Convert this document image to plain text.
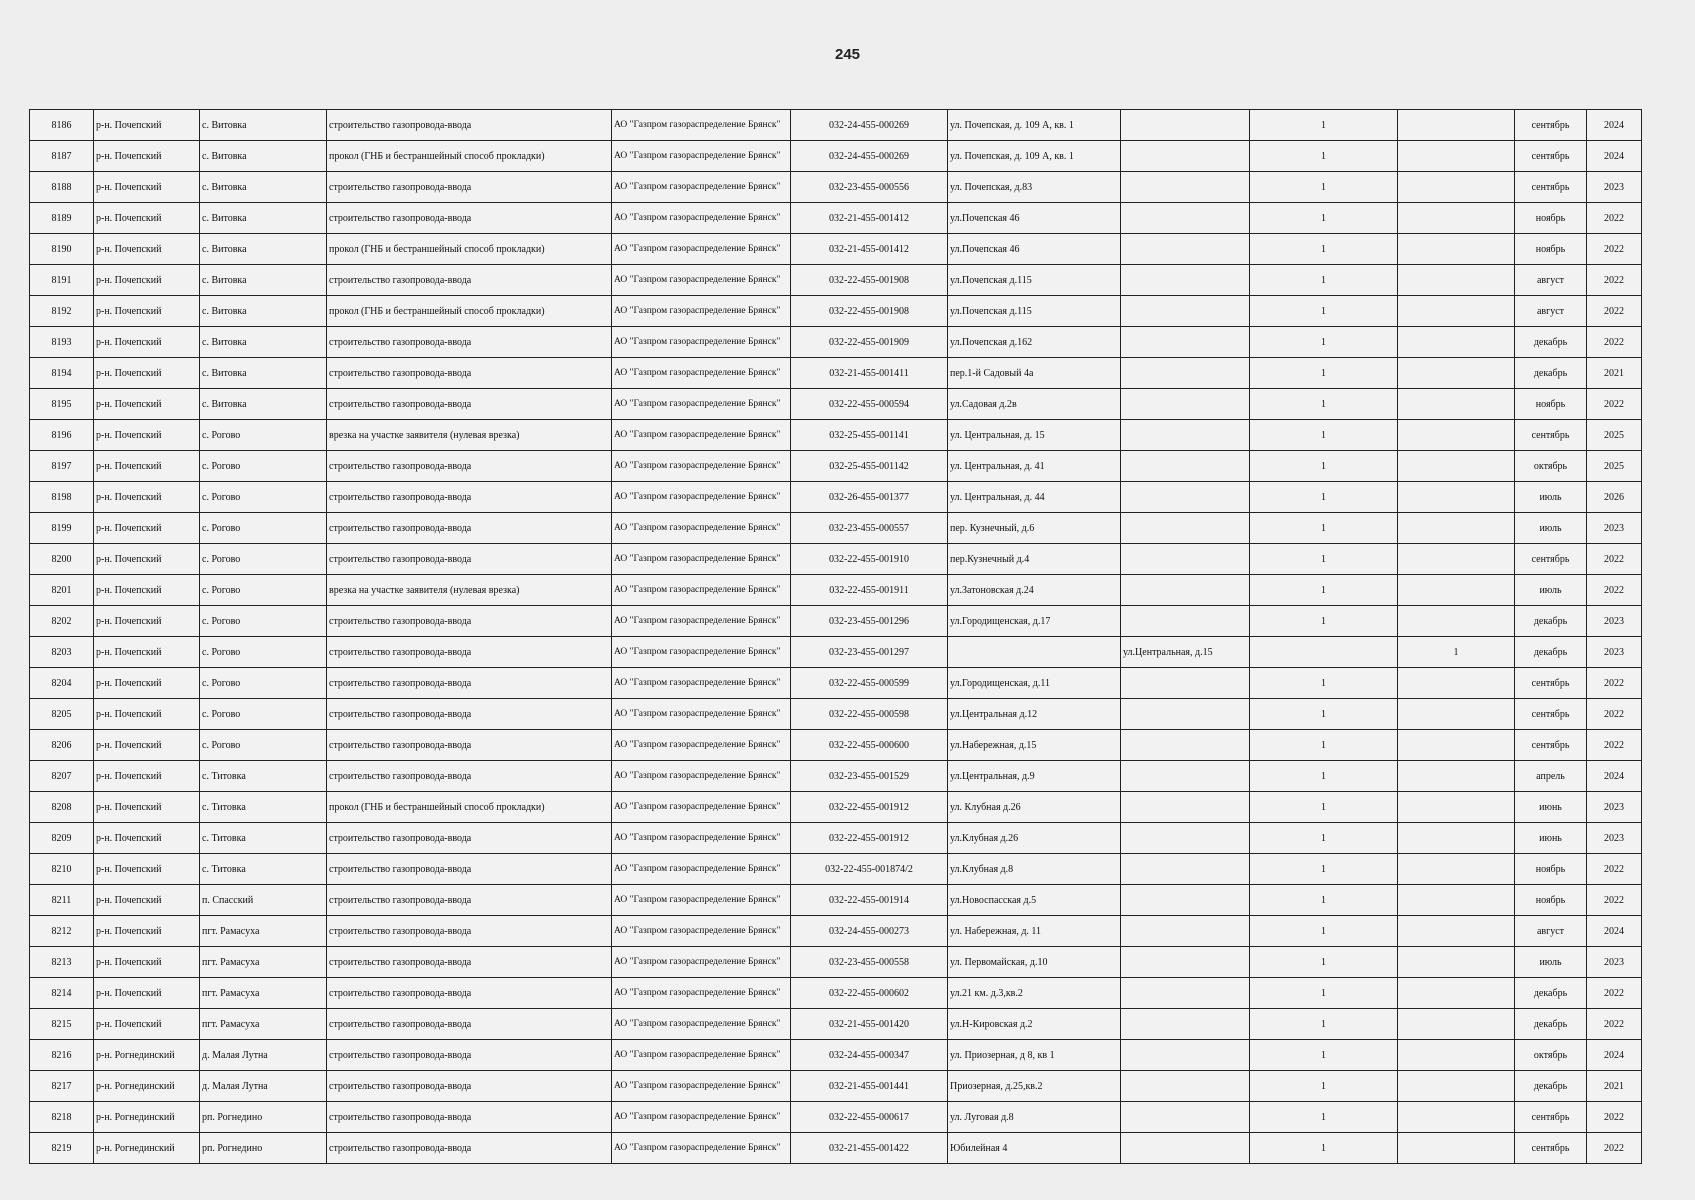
245
8186	р-н. Почепский	с. Витовка	строительство газопровода-ввода	АО "Газпром газораспределение Брянск"	032-24-455-000269	ул. Почепская, д. 109 А, кв. 1		1		сентябрь	2024
8187	р-н. Почепский	с. Витовка	прокол (ГНБ и бестраншейный способ прокладки)	АО "Газпром газораспределение Брянск"	032-24-455-000269	ул. Почепская, д. 109 А, кв. 1		1		сентябрь	2024
8188	р-н. Почепский	с. Витовка	строительство газопровода-ввода	АО "Газпром газораспределение Брянск"	032-23-455-000556	ул. Почепская, д.83		1		сентябрь	2023
8189	р-н. Почепский	с. Витовка	строительство газопровода-ввода	АО "Газпром газораспределение Брянск"	032-21-455-001412	ул.Почепская 46		1		ноябрь	2022
8190	р-н. Почепский	с. Витовка	прокол (ГНБ и бестраншейный способ прокладки)	АО "Газпром газораспределение Брянск"	032-21-455-001412	ул.Почепская 46		1		ноябрь	2022
8191	р-н. Почепский	с. Витовка	строительство газопровода-ввода	АО "Газпром газораспределение Брянск"	032-22-455-001908	ул.Почепская д.115		1		август	2022
8192	р-н. Почепский	с. Витовка	прокол (ГНБ и бестраншейный способ прокладки)	АО "Газпром газораспределение Брянск"	032-22-455-001908	ул.Почепская д.115		1		август	2022
8193	р-н. Почепский	с. Витовка	строительство газопровода-ввода	АО "Газпром газораспределение Брянск"	032-22-455-001909	ул.Почепская д.162		1		декабрь	2022
8194	р-н. Почепский	с. Витовка	строительство газопровода-ввода	АО "Газпром газораспределение Брянск"	032-21-455-001411	пер.1-й Садовый 4а		1		декабрь	2021
8195	р-н. Почепский	с. Витовка	строительство газопровода-ввода	АО "Газпром газораспределение Брянск"	032-22-455-000594	ул.Садовая д.2в		1		ноябрь	2022
8196	р-н. Почепский	с. Рогово	врезка на участке заявителя (нулевая врезка)	АО "Газпром газораспределение Брянск"	032-25-455-001141	ул. Центральная, д. 15		1		сентябрь	2025
8197	р-н. Почепский	с. Рогово	строительство газопровода-ввода	АО "Газпром газораспределение Брянск"	032-25-455-001142	ул. Центральная, д. 41		1		октябрь	2025
8198	р-н. Почепский	с. Рогово	строительство газопровода-ввода	АО "Газпром газораспределение Брянск"	032-26-455-001377	ул. Центральная, д. 44		1		июль	2026
8199	р-н. Почепский	с. Рогово	строительство газопровода-ввода	АО "Газпром газораспределение Брянск"	032-23-455-000557	пер. Кузнечный, д.6		1		июль	2023
8200	р-н. Почепский	с. Рогово	строительство газопровода-ввода	АО "Газпром газораспределение Брянск"	032-22-455-001910	пер.Кузнечный д.4		1		сентябрь	2022
8201	р-н. Почепский	с. Рогово	врезка на участке заявителя (нулевая врезка)	АО "Газпром газораспределение Брянск"	032-22-455-001911	ул.Затоновская д.24		1		июль	2022
8202	р-н. Почепский	с. Рогово	строительство газопровода-ввода	АО "Газпром газораспределение Брянск"	032-23-455-001296	ул.Городищенская, д.17		1		декабрь	2023
8203	р-н. Почепский	с. Рогово	строительство газопровода-ввода	АО "Газпром газораспределение Брянск"	032-23-455-001297		ул.Центральная, д.15		1	декабрь	2023
8204	р-н. Почепский	с. Рогово	строительство газопровода-ввода	АО "Газпром газораспределение Брянск"	032-22-455-000599	ул.Городищенская, д.11		1		сентябрь	2022
8205	р-н. Почепский	с. Рогово	строительство газопровода-ввода	АО "Газпром газораспределение Брянск"	032-22-455-000598	ул.Центральная д.12		1		сентябрь	2022
8206	р-н. Почепский	с. Рогово	строительство газопровода-ввода	АО "Газпром газораспределение Брянск"	032-22-455-000600	ул.Набережная, д.15		1		сентябрь	2022
8207	р-н. Почепский	с. Титовка	строительство газопровода-ввода	АО "Газпром газораспределение Брянск"	032-23-455-001529	ул.Центральная, д.9		1		апрель	2024
8208	р-н. Почепский	с. Титовка	прокол (ГНБ и бестраншейный способ прокладки)	АО "Газпром газораспределение Брянск"	032-22-455-001912	ул. Клубная д.26		1		июнь	2023
8209	р-н. Почепский	с. Титовка	строительство газопровода-ввода	АО "Газпром газораспределение Брянск"	032-22-455-001912	ул.Клубная д.26		1		июнь	2023
8210	р-н. Почепский	с. Титовка	строительство газопровода-ввода	АО "Газпром газораспределение Брянск"	032-22-455-001874/2	ул.Клубная д.8		1		ноябрь	2022
8211	р-н. Почепский	п. Спасский	строительство газопровода-ввода	АО "Газпром газораспределение Брянск"	032-22-455-001914	ул.Новоспасская д.5		1		ноябрь	2022
8212	р-н. Почепский	пгт. Рамасуха	строительство газопровода-ввода	АО "Газпром газораспределение Брянск"	032-24-455-000273	ул. Набережная, д. 11		1		август	2024
8213	р-н. Почепский	пгт. Рамасуха	строительство газопровода-ввода	АО "Газпром газораспределение Брянск"	032-23-455-000558	ул. Первомайская, д.10		1		июль	2023
8214	р-н. Почепский	пгт. Рамасуха	строительство газопровода-ввода	АО "Газпром газораспределение Брянск"	032-22-455-000602	ул.21 км. д.3,кв.2		1		декабрь	2022
8215	р-н. Почепский	пгт. Рамасуха	строительство газопровода-ввода	АО "Газпром газораспределение Брянск"	032-21-455-001420	ул.Н-Кировская д.2		1		декабрь	2022
8216	р-н. Рогнединский	д. Малая Лутна	строительство газопровода-ввода	АО "Газпром газораспределение Брянск"	032-24-455-000347	ул. Приозерная, д 8, кв 1		1		октябрь	2024
8217	р-н. Рогнединский	д. Малая Лутна	строительство газопровода-ввода	АО "Газпром газораспределение Брянск"	032-21-455-001441	Приозерная, д.25,кв.2		1		декабрь	2021
8218	р-н. Рогнединский	рп. Рогнедино	строительство газопровода-ввода	АО "Газпром газораспределение Брянск"	032-22-455-000617	ул. Луговая д.8		1		сентябрь	2022
8219	р-н. Рогнединский	рп. Рогнедино	строительство газопровода-ввода	АО "Газпром газораспределение Брянск"	032-21-455-001422	Юбилейная 4		1		сентябрь	2022
